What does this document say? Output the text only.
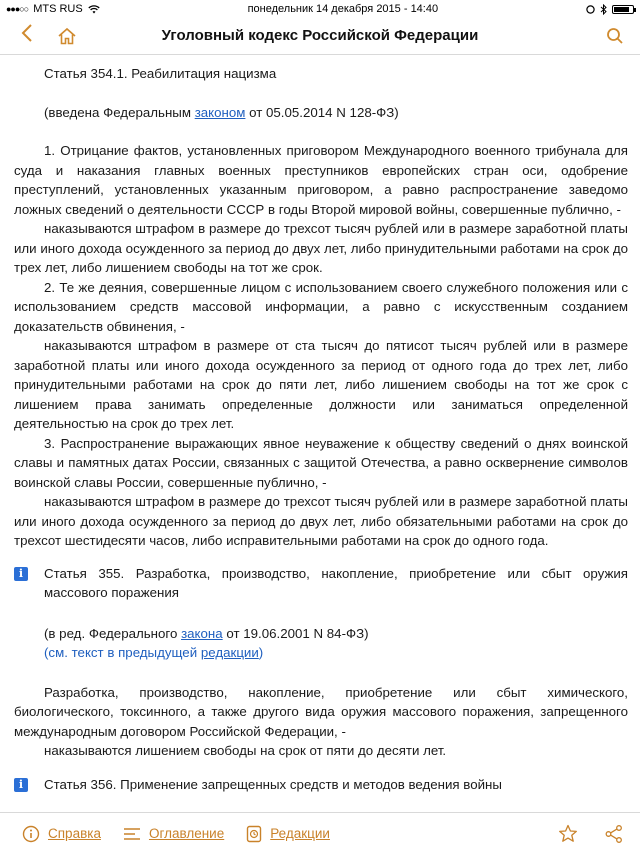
●●●○○ MTS RUS	понедельник 14 декабря 2015 - 14:40
Уголовный кодекс Российской Федерации
Статья 354.1. Реабилитация нацизма
(введена Федеральным законом от 05.05.2014 N 128-ФЗ)
1. Отрицание фактов, установленных приговором Международного военного трибунала для суда и наказания главных военных преступников европейских стран оси, одобрение преступлений, установленных указанным приговором, а равно распространение заведомо ложных сведений о деятельности СССР в годы Второй мировой войны, совершенные публично, -
наказываются штрафом в размере до трехсот тысяч рублей или в размере заработной платы или иного дохода осужденного за период до двух лет, либо принудительными работами на срок до трех лет, либо лишением свободы на тот же срок.
2. Те же деяния, совершенные лицом с использованием своего служебного положения или с использованием средств массовой информации, а равно с искусственным созданием доказательств обвинения, -
наказываются штрафом в размере от ста тысяч до пятисот тысяч рублей или в размере заработной платы или иного дохода осужденного за период от одного года до трех лет, либо принудительными работами на срок до пяти лет, либо лишением свободы на тот же срок с лишением права занимать определенные должности или заниматься определенной деятельностью на срок до трех лет.
3. Распространение выражающих явное неуважение к обществу сведений о днях воинской славы и памятных датах России, связанных с защитой Отечества, а равно осквернение символов воинской славы России, совершенные публично, -
наказываются штрафом в размере до трехсот тысяч рублей или в размере заработной платы или иного дохода осужденного за период до двух лет, либо обязательными работами на срок до трехсот шестидесяти часов, либо исправительными работами на срок до одного года.
i	Статья 355. Разработка, производство, накопление, приобретение или сбыт оружия массового поражения
(в ред. Федерального закона от 19.06.2001 N 84-ФЗ)
(см. текст в предыдущей редакции)
Разработка, производство, накопление, приобретение или сбыт химического, биологического, токсинного, а также другого вида оружия массового поражения, запрещенного международным договором Российской Федерации, -
наказываются лишением свободы на срок от пяти до десяти лет.
i	Статья 356. Применение запрещенных средств и методов ведения войны
Справка	Оглавление	Редакции
